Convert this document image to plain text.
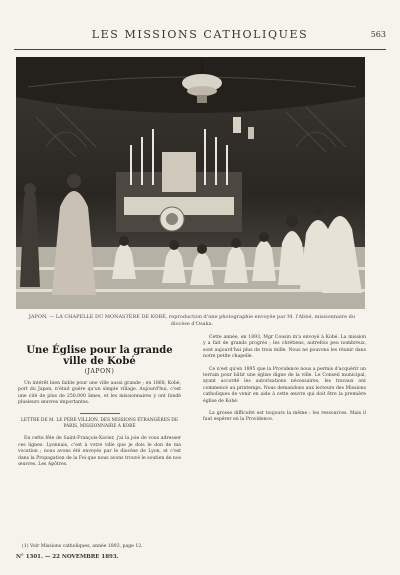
LES MISSIONS CATHOLIQUES	563
JAPON. — LA CHAPELLE DU MONASTÈRE DE KOBÉ, reproduction d'une photographie envoyée par M. l'Abbé, missionnaire du diocèse d'Osaka.
Une Église pour la grande ville de Kobé
(JAPON)

Un intérêt bien faible pour une ville aussi grande ; en 1868, Kobé, port du Japon, n'était guère qu'un simple village. Aujourd'hui, c'est une cité de plus de 250.000 âmes, et les missionnaires y ont fondé plusieurs œuvres importantes.

LETTRE DE M. LE PÈRE VILLION, DES MISSIONS ÉTRANGÈRES DE PARIS, MISSIONNAIRE À KOBÉ

En cette fête de Saint-François-Xavier, j'ai la joie de vous adresser ces lignes. Lyonnais, c'est à votre ville que je dois le don de ma vocation ; nous avons été envoyés par le diocèse de Lyon, et c'est dans la Propagation de la Foi que nous avons trouvé le soutien de nos œuvres. Les Apôtres.

Cette année, en 1893, Mgr Cousin m'a envoyé à Kobé. La mission y a fait de grands progrès ; les chrétiens, autrefois peu nombreux, sont aujourd'hui plus de trois mille. Nous ne pouvons les réunir dans notre petite chapelle.

Ce n'est qu'en 1895 que la Providence nous a permis d'acquérir un terrain pour bâtir une église digne de la ville. Le Conseil municipal, ayant accordé les autorisations nécessaires, les travaux ont commencé au printemps. Nous demandons aux lecteurs des Missions catholiques de venir en aide à cette œuvre qui doit être la première église de Kobé.

La grosse difficulté est toujours la même : les ressources. Mais il faut espérer en la Providence.

(1) Voir Missions catholiques, année 1893, page 12.
N° 1301. — 22 NOVEMBRE 1893.
